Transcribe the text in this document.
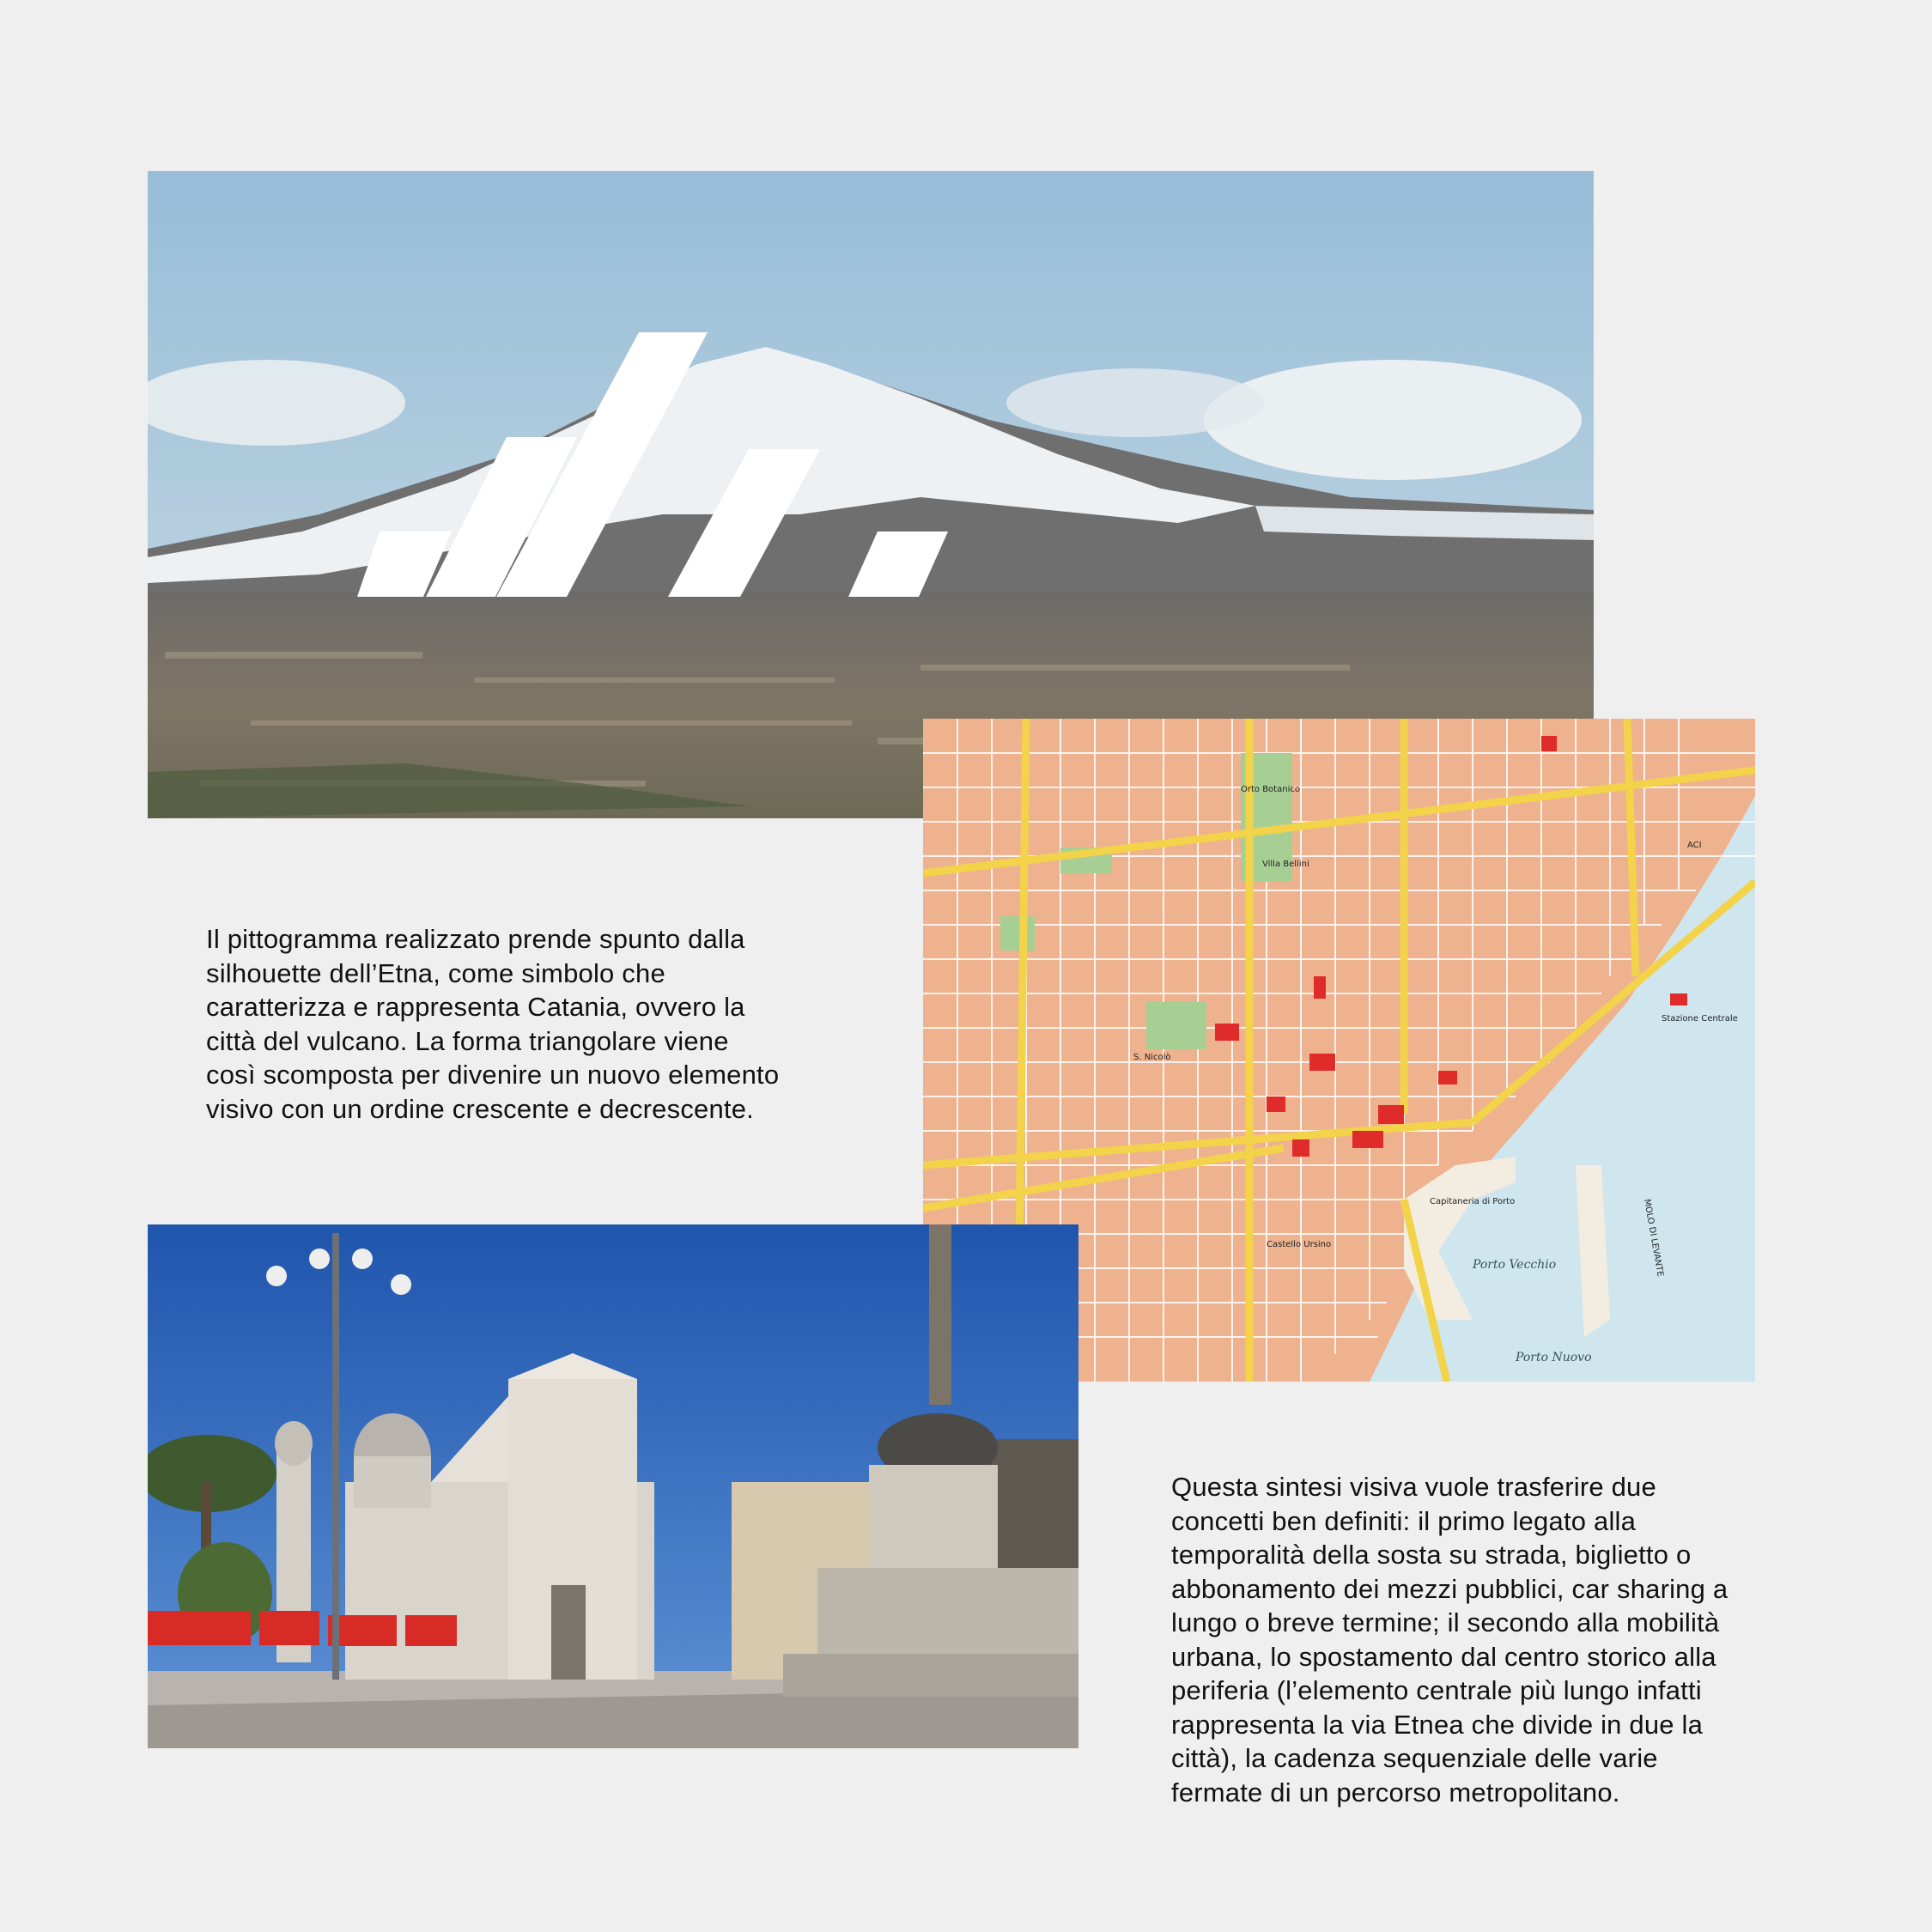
Porto Vecchio
Porto Nuovo
Villa Bellini
Stazione Centrale
Capitaneria di Porto
S. Nicolò
Castello Ursino
Orto Botanico
ACI
MOLO DI LEVANTE
Il pittogramma realizzato prende spunto dalla
silhouette dell’Etna, come simbolo che
caratterizza e rappresenta Catania, ovvero la
città del vulcano. La forma triangolare viene
così scomposta per divenire un nuovo elemento
visivo con un ordine crescente e decrescente.
Questa sintesi visiva vuole trasferire due
concetti ben definiti: il primo legato alla
temporalità della sosta su strada, biglietto o
abbonamento dei mezzi pubblici, car sharing a
lungo o breve termine; il secondo alla mobilità
urbana, lo spostamento dal centro storico alla
periferia (l’elemento centrale più lungo infatti
rappresenta la via Etnea che divide in due la
città), la cadenza sequenziale delle varie
fermate di un percorso metropolitano.
